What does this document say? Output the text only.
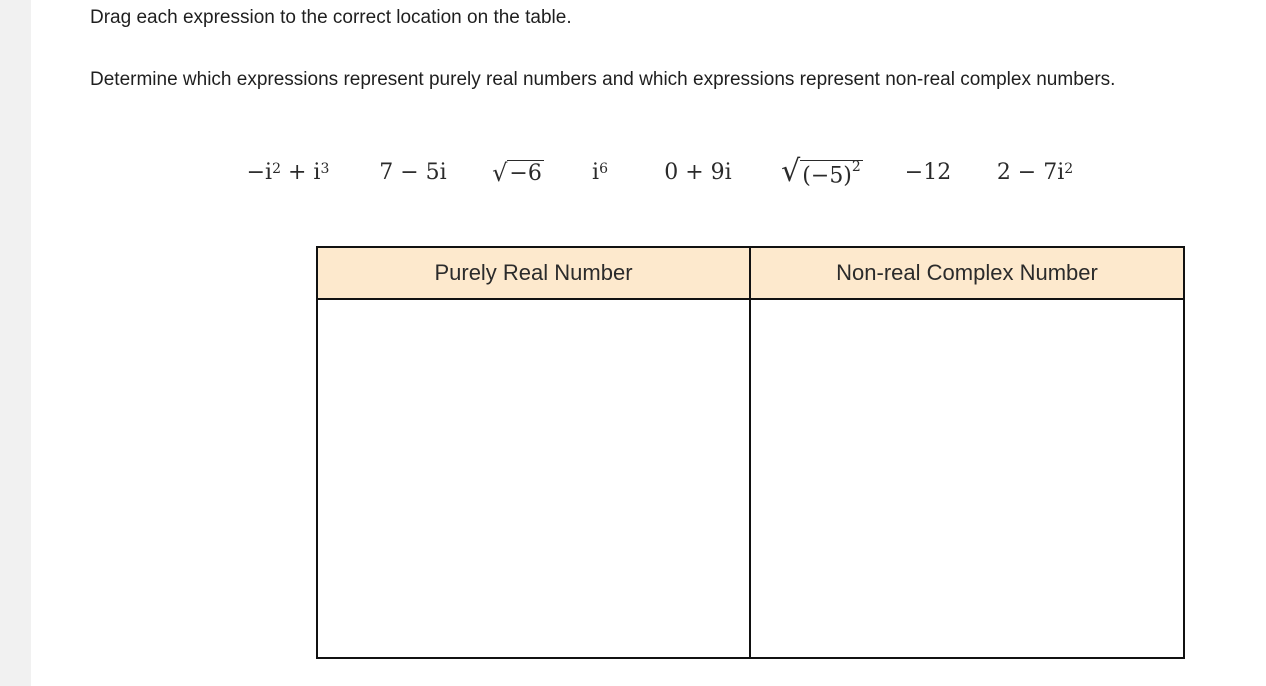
Drag each expression to the correct location on the table.
Determine which expressions represent purely real numbers and which expressions represent non-real complex numbers.
$-i^2 + i^3$ 7 − 5i √ −6 $i^6$	0 + 9i √ $(-5)^2 -12$ $2 - 7i^2$
Purely Real Number	Non-real Complex Number
